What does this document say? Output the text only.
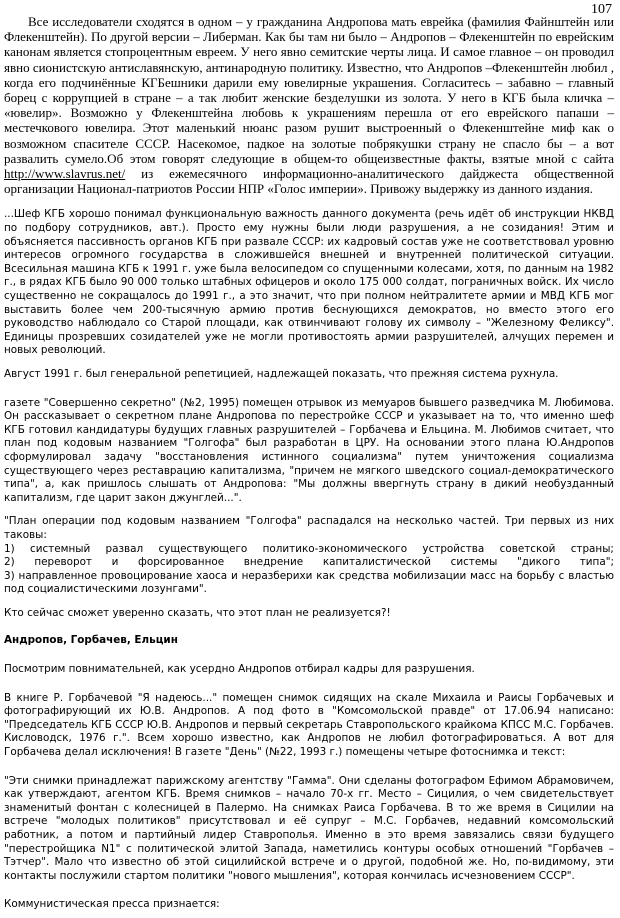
107

Все исследователи сходятся в одном – у гражданина Андропова мать еврейка (фамилия Файнштейн или Флекенштейн). По другой версии – Либерман. Как бы там ни было – Андропов – Флекенштейн по еврейским канонам является стопроцентным евреем. У него явно семитские черты лица. И самое главное – он проводил явно сионистскую антиславянскую, антинародную политику. Известно, что Андропов –Флекенштейн любил , когда его подчинённые КГБешники дарили ему ювелирные украшения. Согласитесь – забавно – главный борец с коррупцией в стране – а так любит женские безделушки из золота. У него в КГБ была кличка – «ювелир». Возможно у Флекенштейна любовь к украшениям перешла от его еврейского папаши – местечкового ювелира. Этот маленький нюанс разом рушит выстроенный о Флекенштейне миф как о возможном спасителе СССР. Насекомое, падкое на золотые побрякушки страну не спасло бы – а вот развалить сумело.Об этом говорят следующие в общем-то общеизвестные факты, взятые мной с сайта http://www.slavrus.net/ из ежемесячного информационно-аналитического дайджеста общественной организации Национал-патриотов России НПР «Голос империи». Привожу выдержку из данного издания.

...Шеф КГБ хорошо понимал функциональную важность данного документа (речь идёт об инструкции НКВД по подбору сотрудников, авт.). Просто ему нужны были люди разрушения, а не созидания! Этим и объясняется пассивность органов КГБ при развале СССР: их кадровый состав уже не соответствовал уровню интересов огромного государства в сложившейся внешней и внутренней политической ситуации. Всесильная машина КГБ к 1991 г. уже была велосипедом со спущенными колесами, хотя, по данным на 1982 г., в рядах КГБ было 90 000 только штабных офицеров и около 175 000 солдат, пограничных войск. Их число существенно не сокращалось до 1991 г., а это значит, что при полном нейтралитете армии и МВД КГБ мог выставить более чем 200-тысячную армию против беснующихся демократов, но вместо этого его руководство наблюдало со Старой площади, как отвинчивают голову их символу – "Железному Феликсу". Единицы прозревших созидателей уже не могли противостоять армии разрушителей, алчущих перемен и новых революций.

Август 1991 г. был генеральной репетицией, надлежащей показать, что прежняя система рухнула.

газете "Совершенно секретно" (№2, 1995) помещен отрывок из мемуаров бывшего разведчика М. Любимова. Он рассказывает о секретном плане Андропова по перестройке СССР и указывает на то, что именно шеф КГБ готовил кандидатуры будущих главных разрушителей – Горбачева и Ельцина. М. Любимов считает, что план под кодовым названием "Голгофа" был разработан в ЦРУ. На основании этого плана Ю.Андропов сформулировал задачу "восстановления истинного социализма" путем уничтожения социализма существующего через реставрацию капитализма, "причем не мягкого шведского социал-демократического типа", а, как пришлось слышать от Андропова: "Мы должны ввергнуть страну в дикий необузданный капитализм, где царит закон джунглей...".

"План операции под кодовым названием "Голгофа" распадался на несколько частей. Три первых из них таковы:
1) системный развал существующего политико-экономического устройства советской страны;
2) переворот и форсированное внедрение капиталистической системы "дикого типа";
3) направленное провоцирование хаоса и неразберихи как средства мобилизации масс на борьбу с властью под социалистическими лозунгами".

Кто сейчас сможет уверенно сказать, что этот план не реализуется?!

Андропов, Горбачев, Ельцин

Посмотрим повнимательней, как усердно Андропов отбирал кадры для разрушения.

В книге Р. Горбачевой "Я надеюсь..." помещен снимок сидящих на скале Михаила и Раисы Горбачевых и фотографирующий их Ю.В. Андропов. А под фото в "Комсомольской правде" от 17.06.94 написано: "Председатель КГБ СССР Ю.В. Андропов и первый секретарь Ставропольского крайкома КПСС М.С. Горбачев. Кисловодск, 1976 г.". Всем хорошо известно, как Андропов не любил фотографироваться. А вот для Горбачева делал исключения! В газете "День" (№22, 1993 г.) помещены четыре фотоснимка и текст:

"Эти снимки принадлежат парижскому агентству "Гамма". Они сделаны фотографом Ефимом Абрамовичем, как утверждают, агентом КГБ. Время снимков – начало 70-х гг. Место – Сицилия, о чем свидетельствует знаменитый фонтан с колесницей в Палермо. На снимках Раиса Горбачева. В то же время в Сицилии на встрече "молодых политиков" присутствовал и её супруг – М.С. Горбачев, недавний комсомольский работник, а потом и партийный лидер Ставрополья. Именно в это время завязались связи будущего "перестройщика N1" с политической элитой Запада, наметились контуры особых отношений "Горбачев – Тэтчер". Мало что известно об этой сицилийской встрече и о другой, подобной же. Но, по-видимому, эти контакты послужили стартом политики "нового мышления", которая кончилась исчезновением СССР".

Коммунистическая пресса признается:
